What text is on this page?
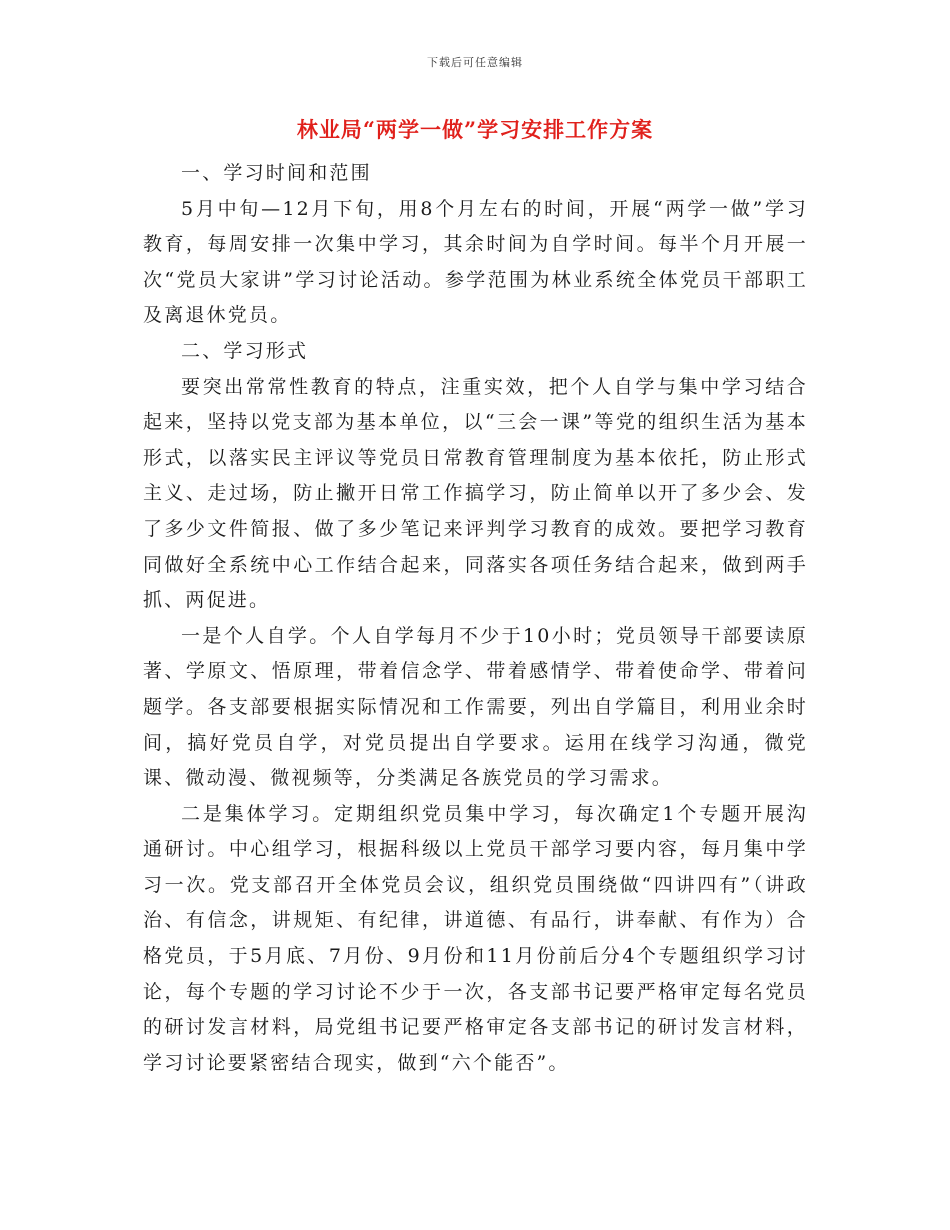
下载后可任意编辑
林业局“两学一做”学习安排工作方案

一、学习时间和范围

5月中旬—12月下旬，用8个月左右的时间，开展“两学一做”学习教育，每周安排一次集中学习，其余时间为自学时间。每半个月开展一次“党员大家讲”学习讨论活动。参学范围为林业系统全体党员干部职工及离退休党员。

二、学习形式

要突出常常性教育的特点，注重实效，把个人自学与集中学习结合起来，坚持以党支部为基本单位，以“三会一课”等党的组织生活为基本形式，以落实民主评议等党员日常教育管理制度为基本依托，防止形式主义、走过场，防止撇开日常工作搞学习，防止简单以开了多少会、发了多少文件简报、做了多少笔记来评判学习教育的成效。要把学习教育同做好全系统中心工作结合起来，同落实各项任务结合起来，做到两手抓、两促进。

一是个人自学。个人自学每月不少于10小时；党员领导干部要读原著、学原文、悟原理，带着信念学、带着感情学、带着使命学、带着问题学。各支部要根据实际情况和工作需要，列出自学篇目，利用业余时间，搞好党员自学，对党员提出自学要求。运用在线学习沟通，微党课、微动漫、微视频等，分类满足各族党员的学习需求。

二是集体学习。定期组织党员集中学习，每次确定1个专题开展沟通研讨。中心组学习，根据科级以上党员干部学习要内容，每月集中学习一次。党支部召开全体党员会议，组织党员围绕做“四讲四有”（讲政治、有信念，讲规矩、有纪律，讲道德、有品行，讲奉献、有作为）合格党员，于5月底、7月份、9月份和11月份前后分4个专题组织学习讨论，每个专题的学习讨论不少于一次，各支部书记要严格审定每名党员的研讨发言材料，局党组书记要严格审定各支部书记的研讨发言材料，学习讨论要紧密结合现实，做到“六个能否”。
